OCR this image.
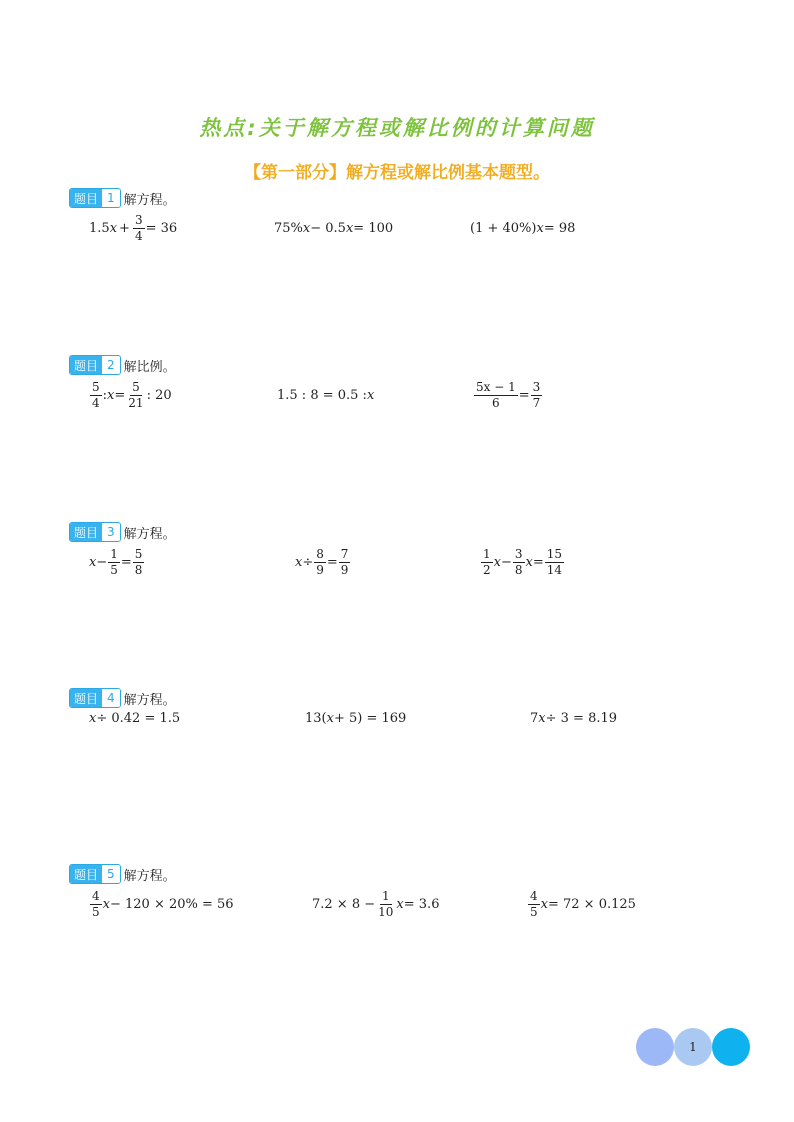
热点:关于解方程或解比例的计算问题
【第一部分】解方程或解比例基本题型。
题目 1 解方程。
1.5 $x + \frac{3}{4} = 36$	75% x − 0.5 x = 100	(1 + 40%) x = 98
题目 2 解比例。
$\frac{5}{4}$ : $x = \frac{5}{21}$ : 20	1.5 : 8 = 0.5 : x	$\frac{5x - 1}{6} = \frac{3}{7}$
题目 3 解方程。
$x - \frac{1}{5} = \frac{5}{8}$	$x \div \frac{8}{9} = \frac{7}{9}$	$\frac{1}{2}$ $x - \frac{3}{8}$ $x = \frac{15}{14}$
题目 4 解方程。
x ÷ 0.42 = 1.5	13( x + 5) = 169	7 x ÷ 3 = 8.19
题目 5 解方程。
$\frac{4}{5}$ x − 120 × 20% = 56	$7.2 \times 8 - \frac{1}{10}$ x = 3.6	$\frac{4}{5}$ x = 72 × 0.125
1
